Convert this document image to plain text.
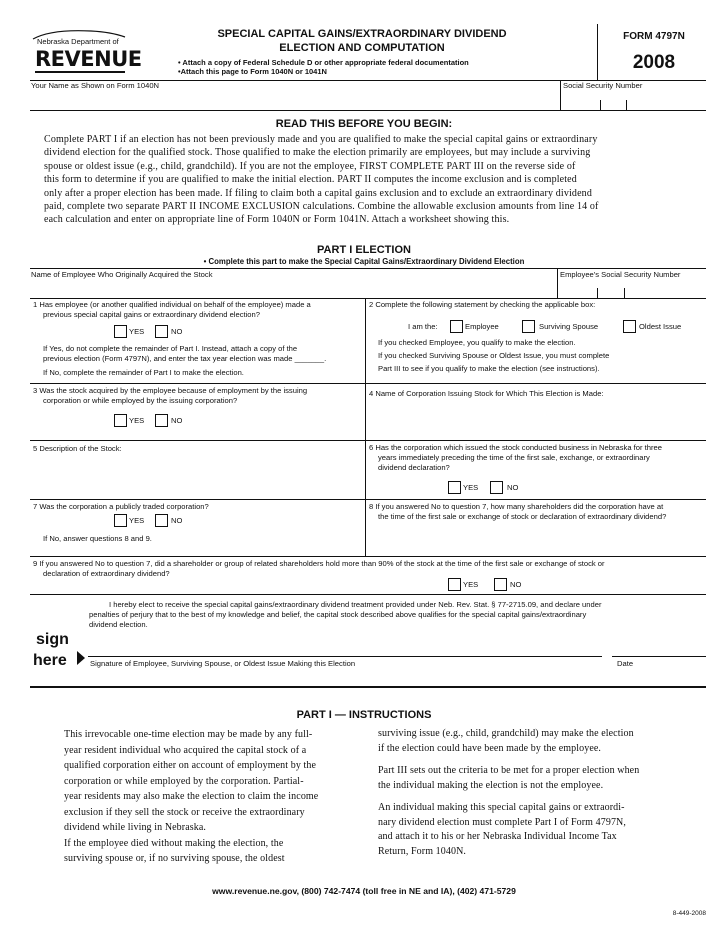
Nebraska Department of
REVENUE
SPECIAL CAPITAL GAINS/EXTRAORDINARY DIVIDEND
ELECTION AND COMPUTATION
• Attach a copy of Federal Schedule D or other appropriate federal documentation
•Attach this page to Form 1040N or 1041N
FORM 4797N
2008
Your Name as Shown on Form 1040N	Social Security Number
READ THIS BEFORE YOU BEGIN:
Complete PART I if an election has not been previously made and you are qualified to make the special capital gains or extraordinary
dividend election for the qualified stock. Those qualified to make the election primarily are employees, but may include a surviving
spouse or oldest issue (e.g., child, grandchild). If you are not the employee, FIRST COMPLETE PART III on the reverse side of
this form to determine if you are qualified to make the initial election. PART II computes the income exclusion and is completed
only after a proper election has been made. If filing to claim both a capital gains exclusion and to exclude an extraordinary dividend
paid, complete two separate PART II INCOME EXCLUSION calculations. Combine the allowable exclusion amounts from line 14 of
each calculation and enter on appropriate line of Form 1040N or Form 1041N. Attach a worksheet showing this.
PART I ELECTION
• Complete this part to make the Special Capital Gains/Extraordinary Dividend Election
Name of Employee Who Originally Acquired the Stock	Employee's Social Security Number
1 Has employee (or another qualified individual on behalf of the employee) made a
previous special capital gains or extraordinary dividend election?
YES	NO
If Yes, do not complete the remainder of Part I. Instead, attach a copy of the
previous election (Form 4797N), and enter the tax year election was made _______.
If No, complete the remainder of Part I to make the election.
2 Complete the following statement by checking the applicable box:
I am the:	Employee	Surviving Spouse	Oldest Issue
If you checked Employee, you qualify to make the election.
If you checked Surviving Spouse or Oldest Issue, you must complete
Part III to see if you qualify to make the election (see instructions).
3 Was the stock acquired by the employee because of employment by the issuing
corporation or while employed by the issuing corporation?
YES	NO
4 Name of Corporation Issuing Stock for Which This Election is Made:
5 Description of the Stock:	6 Has the corporation which issued the stock conducted business in Nebraska for three
years immediately preceding the time of the first sale, exchange, or extraordinary
dividend declaration?
YES	NO
7 Was the corporation a publicly traded corporation?
YES	NO
If No, answer questions 8 and 9.
8 If you answered No to question 7, how many shareholders did the corporation have at
the time of the first sale or exchange of stock or declaration of extraordinary dividend?
9 If you answered No to question 7, did a shareholder or group of related shareholders hold more than 90% of the stock at the time of the first sale or exchange of stock or
declaration of extraordinary dividend?
YES	NO
I hereby elect to receive the special capital gains/extraordinary dividend treatment provided under Neb. Rev. Stat. § 77-2715.09, and declare under
penalties of perjury that to the best of my knowledge and belief, the capital stock described above qualifies for the special capital gains/extraordinary
dividend election.
sign
here	Signature of Employee, Surviving Spouse, or Oldest Issue Making this Election	Date
PART I — INSTRUCTIONS
This irrevocable one-time election may be made by any full-
year resident individual who acquired the capital stock of a
qualified corporation either on account of employment by the
corporation or while employed by the corporation. Partial-
year residents may also make the election to claim the income
exclusion if they sell the stock or receive the extraordinary
dividend while living in Nebraska.
If the employee died without making the election, the
surviving spouse or, if no surviving spouse, the oldest
surviving issue (e.g., child, grandchild) may make the election
if the election could have been made by the employee.
Part III sets out the criteria to be met for a proper election when
the individual making the election is not the employee.
An individual making this special capital gains or extraordi-
nary dividend election must complete Part I of Form 4797N,
and attach it to his or her Nebraska Individual Income Tax
Return, Form 1040N.
www.revenue.ne.gov, (800) 742-7474 (toll free in NE and IA), (402) 471-5729
8-449-2008
